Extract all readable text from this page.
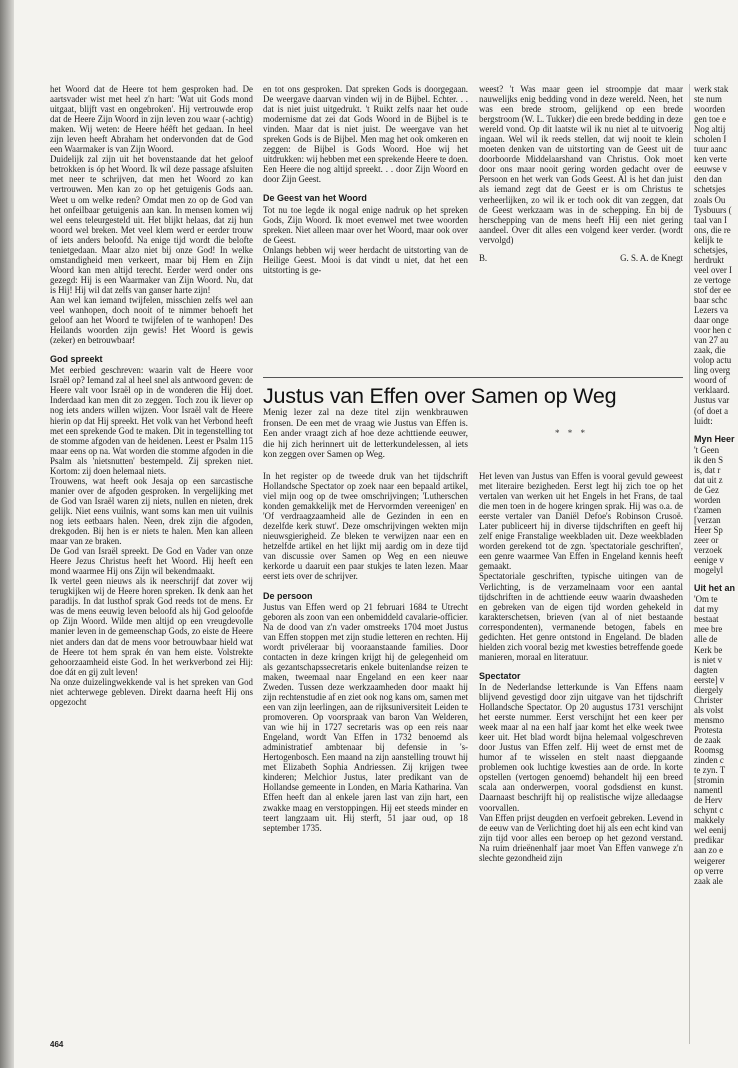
het Woord dat de Heere tot hem gesproken had. De aartsvader wist met heel z'n hart: 'Wat uit Gods mond uitgaat, blijft vast en ongebroken'. Hij vertrouwde erop dat de Heere Zijn Woord in zijn leven zou waar (-achtig) maken. Wij weten: de Heere héêft het gedaan. In heel zijn leven heeft Abraham het ondervonden dat de God een Waarmaker is van Zijn Woord.

Duidelijk zal zijn uit het bovenstaande dat het geloof betrokken is óp het Woord. Ik wil deze passage afsluiten met neer te schrijven, dat men het Woord zo kan vertrouwen. Men kan zo op het getuigenis Gods aan. Weet u om welke reden? Omdat men zo op de God van het onfeilbaar getuigenis aan kan. In mensen komen wij wel eens teleurgesteld uit. Het blijkt helaas, dat zij hun woord wel breken. Met veel klem werd er eerder trouw of iets anders beloofd. Na enige tijd wordt die belofte tenietgedaan. Maar alzo niet bij onze God! In welke omstandigheid men verkeert, maar bij Hem en Zijn Woord kan men altijd terecht. Eerder werd onder ons gezegd: Hij is een Waarmaker van Zijn Woord. Nu, dat is Hij! Hij wil dat zelfs van ganser harte zijn!

Aan wel kan iemand twijfelen, misschien zelfs wel aan veel wanhopen, doch nooit of te nimmer behoeft het geloof aan het Woord te twijfelen of te wanhopen! Des Heilands woorden zijn gewis! Het Woord is gewis (zeker) en betrouwbaar!

God spreekt

Met eerbied geschreven: waarin valt de Heere voor Israël op? Iemand zal al heel snel als antwoord geven: de Heere valt voor Israël op in de wonderen die Hij doet. Inderdaad kan men dit zo zeggen. Toch zou ik liever op nog iets anders willen wijzen. Voor Israël valt de Heere hierin op dat Hij spreekt. Het volk van het Verbond heeft met een sprekende God te maken. Dit in tegenstelling tot de stomme afgoden van de heidenen. Leest er Psalm 115 maar eens op na. Wat worden die stomme afgoden in die Psalm als 'nietsnutten' bestempeld. Zij spreken niet. Kortom: zij doen helemaal niets.

Trouwens, wat heeft ook Jesaja op een sarcastische manier over de afgoden gesproken. In vergelijking met de God van Israël waren zij niets, nullen en nieten, drek gelijk. Niet eens vuilnis, want soms kan men uit vuilnis nog iets eetbaars halen. Neen, drek zijn die afgoden, drekgoden. Bij hen is er niets te halen. Men kan alleen maar van ze braken.

De God van Israël spreekt. De God en Vader van onze Heere Jezus Christus heeft het Woord. Hij heeft een mond waarmee Hij ons Zijn wil bekendmaakt.

Ik vertel geen nieuws als ik neerschrijf dat zover wij terugkijken wij de Heere horen spreken. Ik denk aan het paradijs. In dat lusthof sprak God reeds tot de mens. Er was de mens eeuwig leven beloofd als hij God geloofde op Zijn Woord. Wilde men altijd op een vreugdevolle manier leven in de gemeenschap Gods, zo eiste de Heere niet anders dan dat de mens voor betrouwbaar hield wat de Heere tot hem sprak én van hem eiste. Volstrekte gehoorzaamheid eiste God. In het werkverbond zei Hij: doe dát en gij zult leven!

Na onze duizelingwekkende val is het spreken van God niet achterwege gebleven. Direkt daarna heeft Hij ons opgezocht

en tot ons gesproken. Dat spreken Gods is doorgegaan. De weergave daarvan vinden wij in de Bijbel. Echter. . . dat is niet juist uitgedrukt. 't Ruikt zelfs naar het oude modernisme dat zei dat Gods Woord in de Bijbel is te vinden. Maar dat is niet juist. De weergave van het spreken Gods is de Bijbel. Men mag het ook omkeren en zeggen: de Bijbel is Gods Woord. Hoe wij het uitdrukken: wij hebben met een sprekende Heere te doen. Een Heere die nog altijd spreekt. . . door Zijn Woord en door Zijn Geest.

De Geest van het Woord

Tot nu toe legde ik nogal enige nadruk op het spreken Gods, Zijn Woord. Ik moet evenwel met twee woorden spreken. Niet alleen maar over het Woord, maar ook over de Geest.

Onlangs hebben wij weer herdacht de uitstorting van de Heilige Geest. Mooi is dat vindt u niet, dat het een uitstorting is ge-

weest? 't Was maar geen iel stroompje dat maar nauwelijks enig bedding vond in deze wereld. Neen, het was een brede stroom, gelijkend op een brede bergstroom (W. L. Tukker) die een brede bedding in deze wereld vond. Op dit laatste wil ik nu niet al te uitvoerig ingaan. Wel wil ik reeds stellen, dat wij nooit te klein moeten denken van de uitstorting van de Geest uit de doorboorde Middelaarshand van Christus. Ook moet door ons maar nooit gering worden gedacht over de Persoon en het werk van Gods Geest. Al is het dan juist als iemand zegt dat de Geest er is om Christus te verheerlijken, zo wil ik er toch ook dit van zeggen, dat de Geest werkzaam was in de schepping. En bij de herschepping van de mens heeft Hij een niet gering aandeel. Over dit alles een volgend keer verder. (wordt vervolgd)

B.	G. S. A. de Knegt
werk stak
ste num
woorden
gen toe e
Nog altij
scholen I
tuur aanc
ken verte
eeuwse v
den dan
schetsjes
zoals Ou
Tysbuurs (
taal van I
ons, die re
kelijk te
schetsjes,
herdrukt
veel over I
ze vertoge
stof der ee
baar schc
Lezers va
daar onge
voor hen c
van 27 au
zaak, die
volop actu
ling overg
woord of
verklaard.
Justus var
(of doet a
luidt:
Myn Heer
't Geen
ik den S
is, dat r
dat uit z
de Gez
worden
t'zamen
[verzan
Heer Sp
zeer or
verzoek
eenige v
mogelyl
Uit het an
'Om te
dat my
bestaat
mee bre
alle de
Kerk be
is niet v
dagten
eerste] v
diergely
Christer
als volst
mensmo
Protesta
de zaak
Roomsg
zinden c
te zyn. T
[stromin
namentl
de Herv
schynt c
makkely
wel eenij
predikar
aan zo e
weigerer
op verre
zaak ale
Justus van Effen over Samen op Weg
Menig lezer zal na deze titel zijn wenkbrauwen fronsen. De een met de vraag wie Justus van Effen is. Een ander vraagt zich af hoe deze achttiende eeuwer, die hij zich herinnert uit de letterkundelessen, al iets kon zeggen over Samen op Weg.
* * *

In het register op de tweede druk van het tijdschrift Hollandsche Spectator op zoek naar een bepaald artikel, viel mijn oog op de twee omschrijvingen; 'Lutherschen konden gemakkelijk met de Hervormden vereenigen' en 'Of verdraagzaamheid alle de Gezinden in een en dezelfde kerk stuwt'. Deze omschrijvingen wekten mijn nieuwsgierigheid. Ze bleken te verwijzen naar een en hetzelfde artikel en het lijkt mij aardig om in deze tijd van discussie over Samen op Weg en een nieuwe kerkorde u daaruit een paar stukjes te laten lezen. Maar eerst iets over de schrijver.

De persoon

Justus van Effen werd op 21 februari 1684 te Utrecht geboren als zoon van een onbemiddeld cavalarie-officier. Na de dood van z'n vader omstreeks 1704 moet Justus van Effen stoppen met zijn studie letteren en rechten. Hij wordt privéleraar bij vooraanstaande families. Door contacten in deze kringen krijgt hij de gelegenheid om als gezantschapssecretaris enkele buitenlandse reizen te maken, tweemaal naar Engeland en een keer naar Zweden. Tussen deze werkzaamheden door maakt hij zijn rechtenstudie af en ziet ook nog kans om, samen met een van zijn leerlingen, aan de rijksuniversiteit Leiden te promoveren. Op voorspraak van baron Van Welderen, van wie hij in 1727 secretaris was op een reis naar Engeland, wordt Van Effen in 1732 benoemd als administratief ambtenaar bij defensie in 's-Hertogenbosch. Een maand na zijn aanstelling trouwt hij met Elizabeth Sophia Andriessen. Zij krijgen twee kinderen; Melchior Justus, later predikant van de Hollandse gemeente in Londen, en Maria Katharina. Van Effen heeft dan al enkele jaren last van zijn hart, een zwakke maag en verstoppingen. Hij eet steeds minder en teert langzaam uit. Hij sterft, 51 jaar oud, op 18 september 1735.

Het leven van Justus van Effen is vooral gevuld geweest met literaire bezigheden. Eerst legt hij zich toe op het vertalen van werken uit het Engels in het Frans, de taal die men toen in de hogere kringen sprak. Hij was o.a. de eerste vertaler van Daniël Defoe's Robinson Crusoë. Later publiceert hij in diverse tijdschriften en geeft hij zelf enige Franstalige weekbladen uit. Deze weekbladen worden gerekend tot de zgn. 'spectatoriale geschriften', een genre waarmee Van Effen in Engeland kennis heeft gemaakt.

Spectatoriale geschriften, typische uitingen van de Verlichting, is de verzamelnaam voor een aantal tijdschriften in de achttiende eeuw waarin dwaasheden en gebreken van de eigen tijd worden gehekeld in karakterschetsen, brieven (van al of niet bestaande correspondenten), vermanende betogen, fabels en gedichten. Het genre ontstond in Engeland. De bladen hielden zich vooral bezig met kwesties betreffende goede manieren, moraal en literatuur.

Spectator

In de Nederlandse letterkunde is Van Effens naam blijvend gevestigd door zijn uitgave van het tijdschrift Hollandsche Spectator. Op 20 augustus 1731 verschijnt het eerste nummer. Eerst verschijnt het een keer per week maar al na een half jaar komt het elke week twee keer uit. Het blad wordt bijna helemaal volgeschreven door Justus van Effen zelf. Hij weet de ernst met de humor af te wisselen en stelt naast diepgaande problemen ook luchtige kwesties aan de orde. In korte opstellen (vertogen genoemd) behandelt hij een breed scala aan onderwerpen, vooral godsdienst en kunst. Daarnaast beschrijft hij op realistische wijze alledaagse voorvallen.

Van Effen prijst deugden en verfoeit gebreken. Levend in de eeuw van de Verlichting doet hij als een echt kind van zijn tijd voor alles een beroep op het gezond verstand. Na ruim drieënenhalf jaar moet Van Effen vanwege z'n slechte gezondheid zijn

464
